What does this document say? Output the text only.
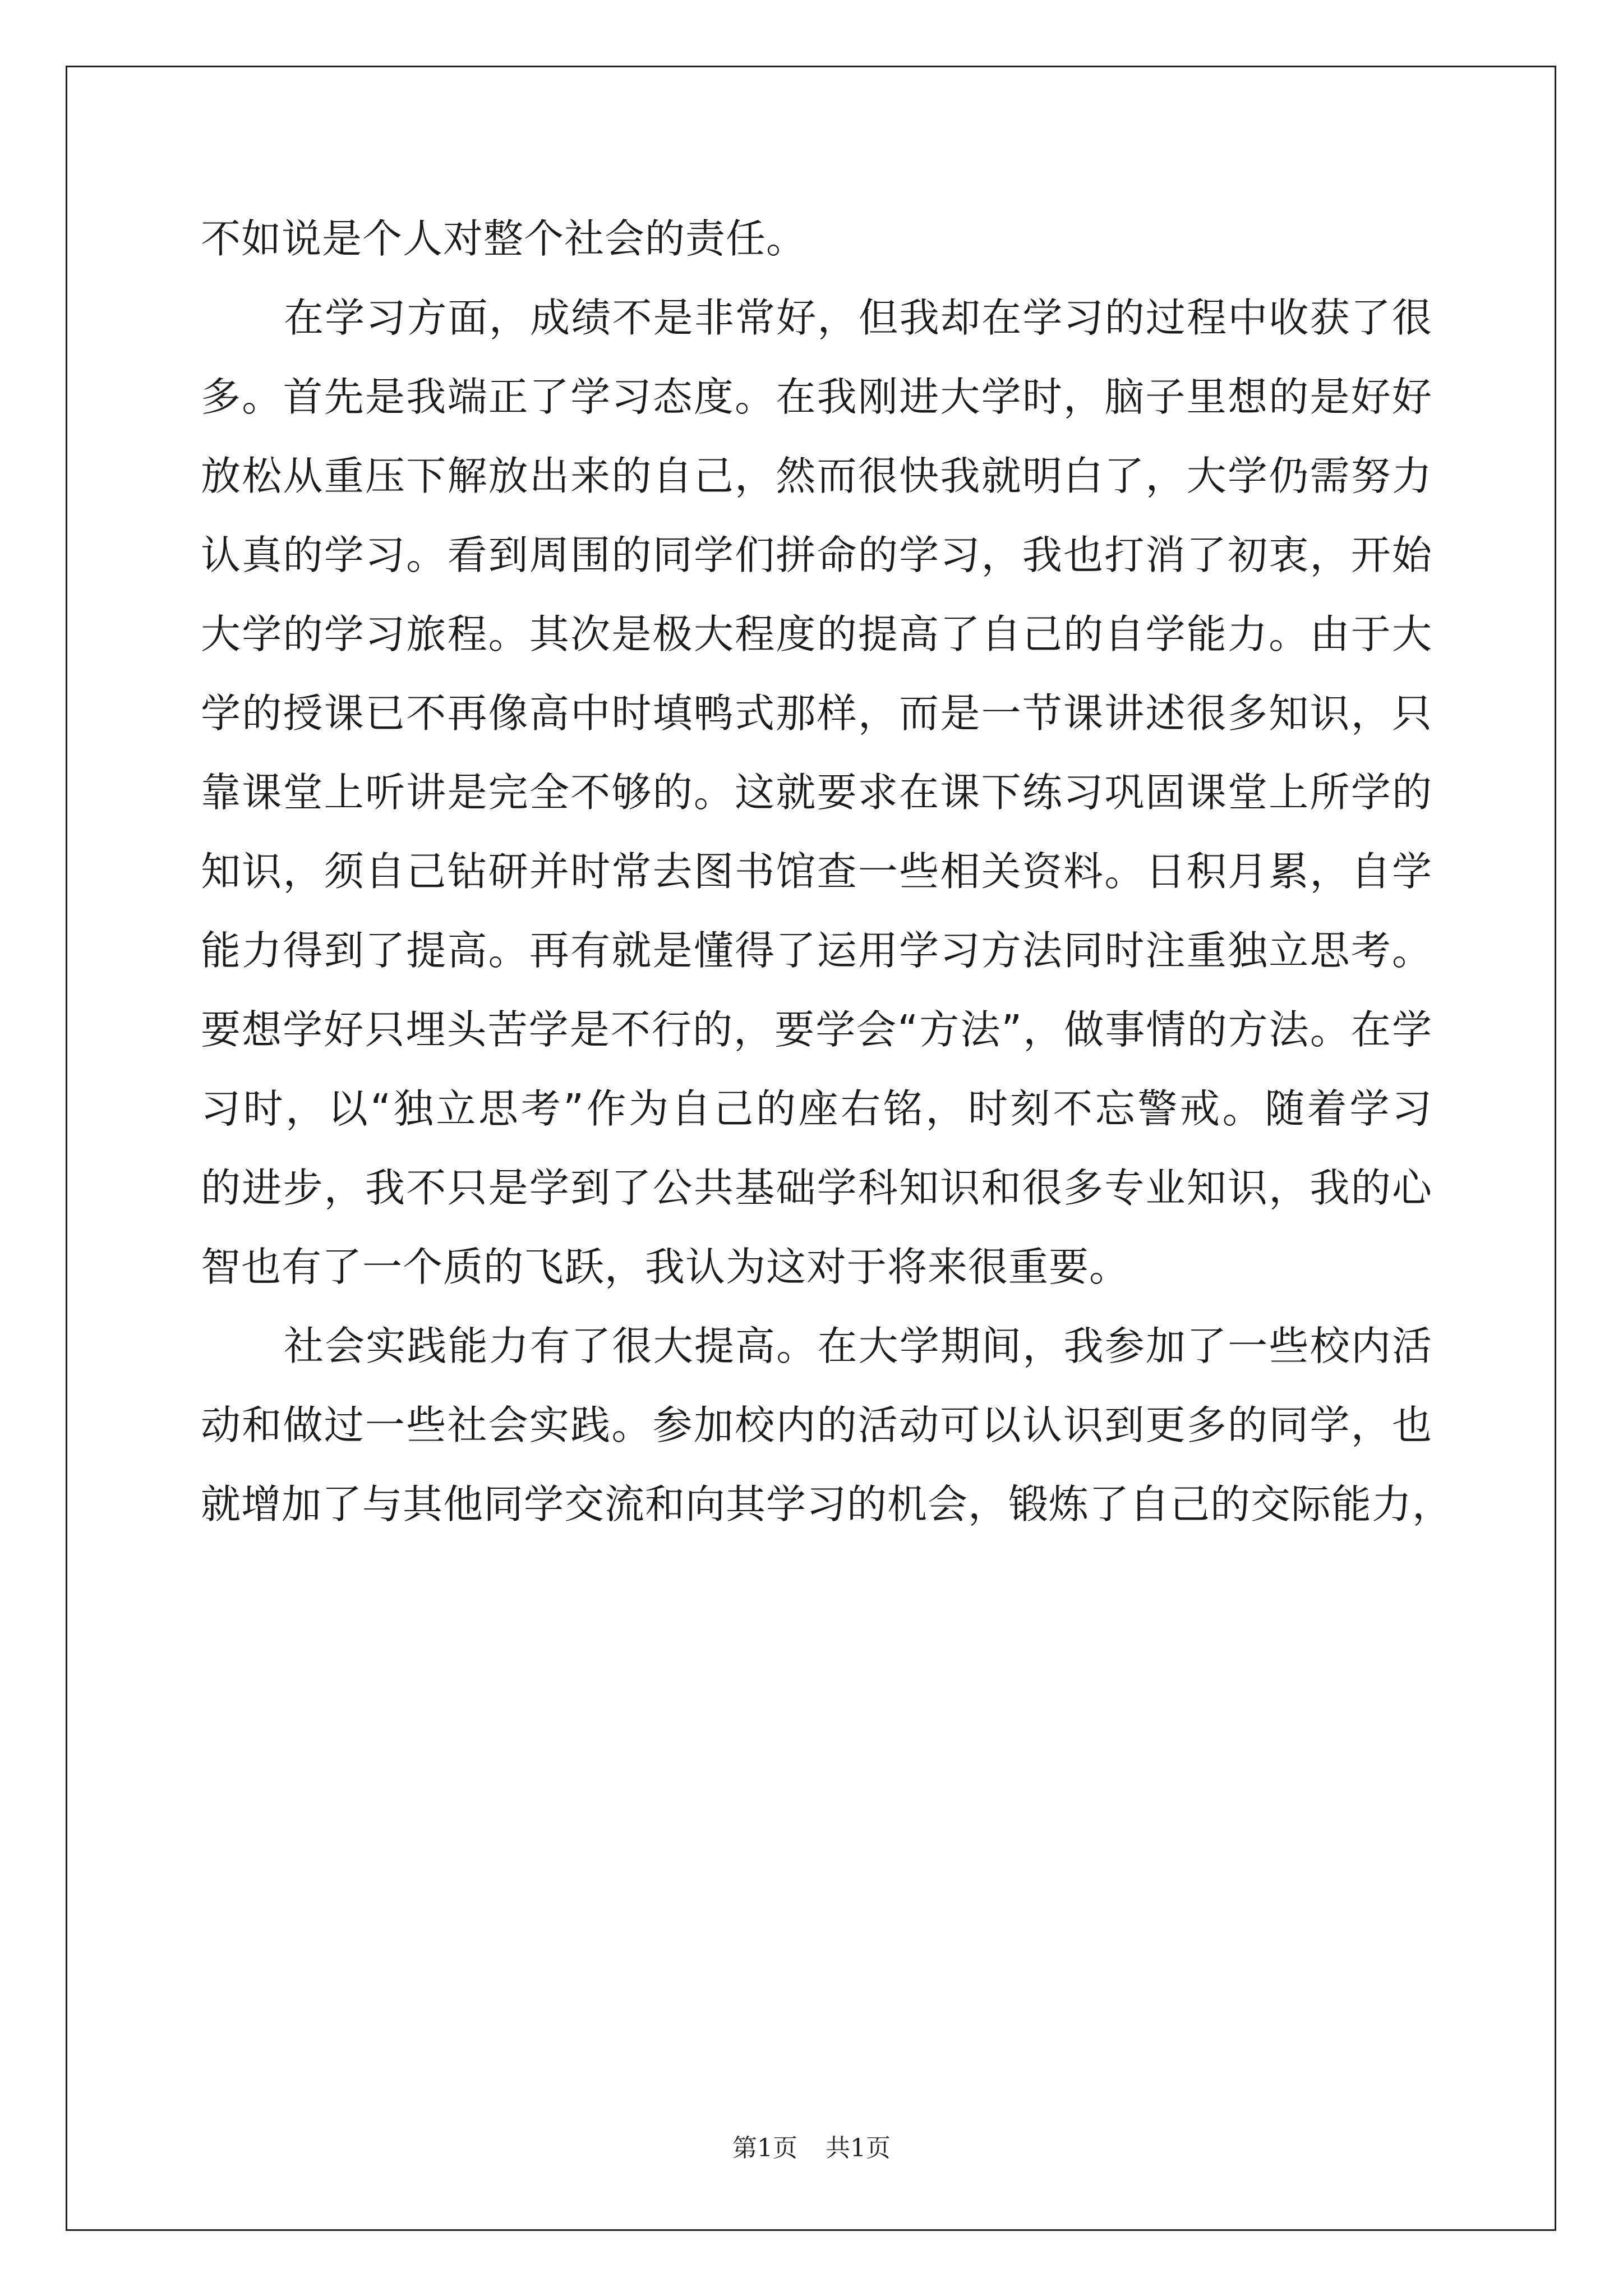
不如说是个人对整个社会的责任。
在学习方面，成绩不是非常好，但我却在学习的过程中收获了很
多。首先是我端正了学习态度。在我刚进大学时，脑子里想的是好好
放松从重压下解放出来的自己，然而很快我就明白了，大学仍需努力
认真的学习。看到周围的同学们拼命的学习，我也打消了初衷，开始
大学的学习旅程。其次是极大程度的提高了自己的自学能力。由于大
学的授课已不再像高中时填鸭式那样，而是一节课讲述很多知识，只
靠课堂上听讲是完全不够的。这就要求在课下练习巩固课堂上所学的
知识，须自己钻研并时常去图书馆查一些相关资料。日积月累，自学
能力得到了提高。再有就是懂得了运用学习方法同时注重独立思考。
要想学好只埋头苦学是不行的，要学会“方法”，做事情的方法。在学
习时，以“独立思考”作为自己的座右铭，时刻不忘警戒。随着学习
的进步，我不只是学到了公共基础学科知识和很多专业知识，我的心
智也有了一个质的飞跃，我认为这对于将来很重要。
社会实践能力有了很大提高。在大学期间，我参加了一些校内活
动和做过一些社会实践。参加校内的活动可以认识到更多的同学，也
就增加了与其他同学交流和向其学习的机会，锻炼了自己的交际能力，
第1页 共1页
